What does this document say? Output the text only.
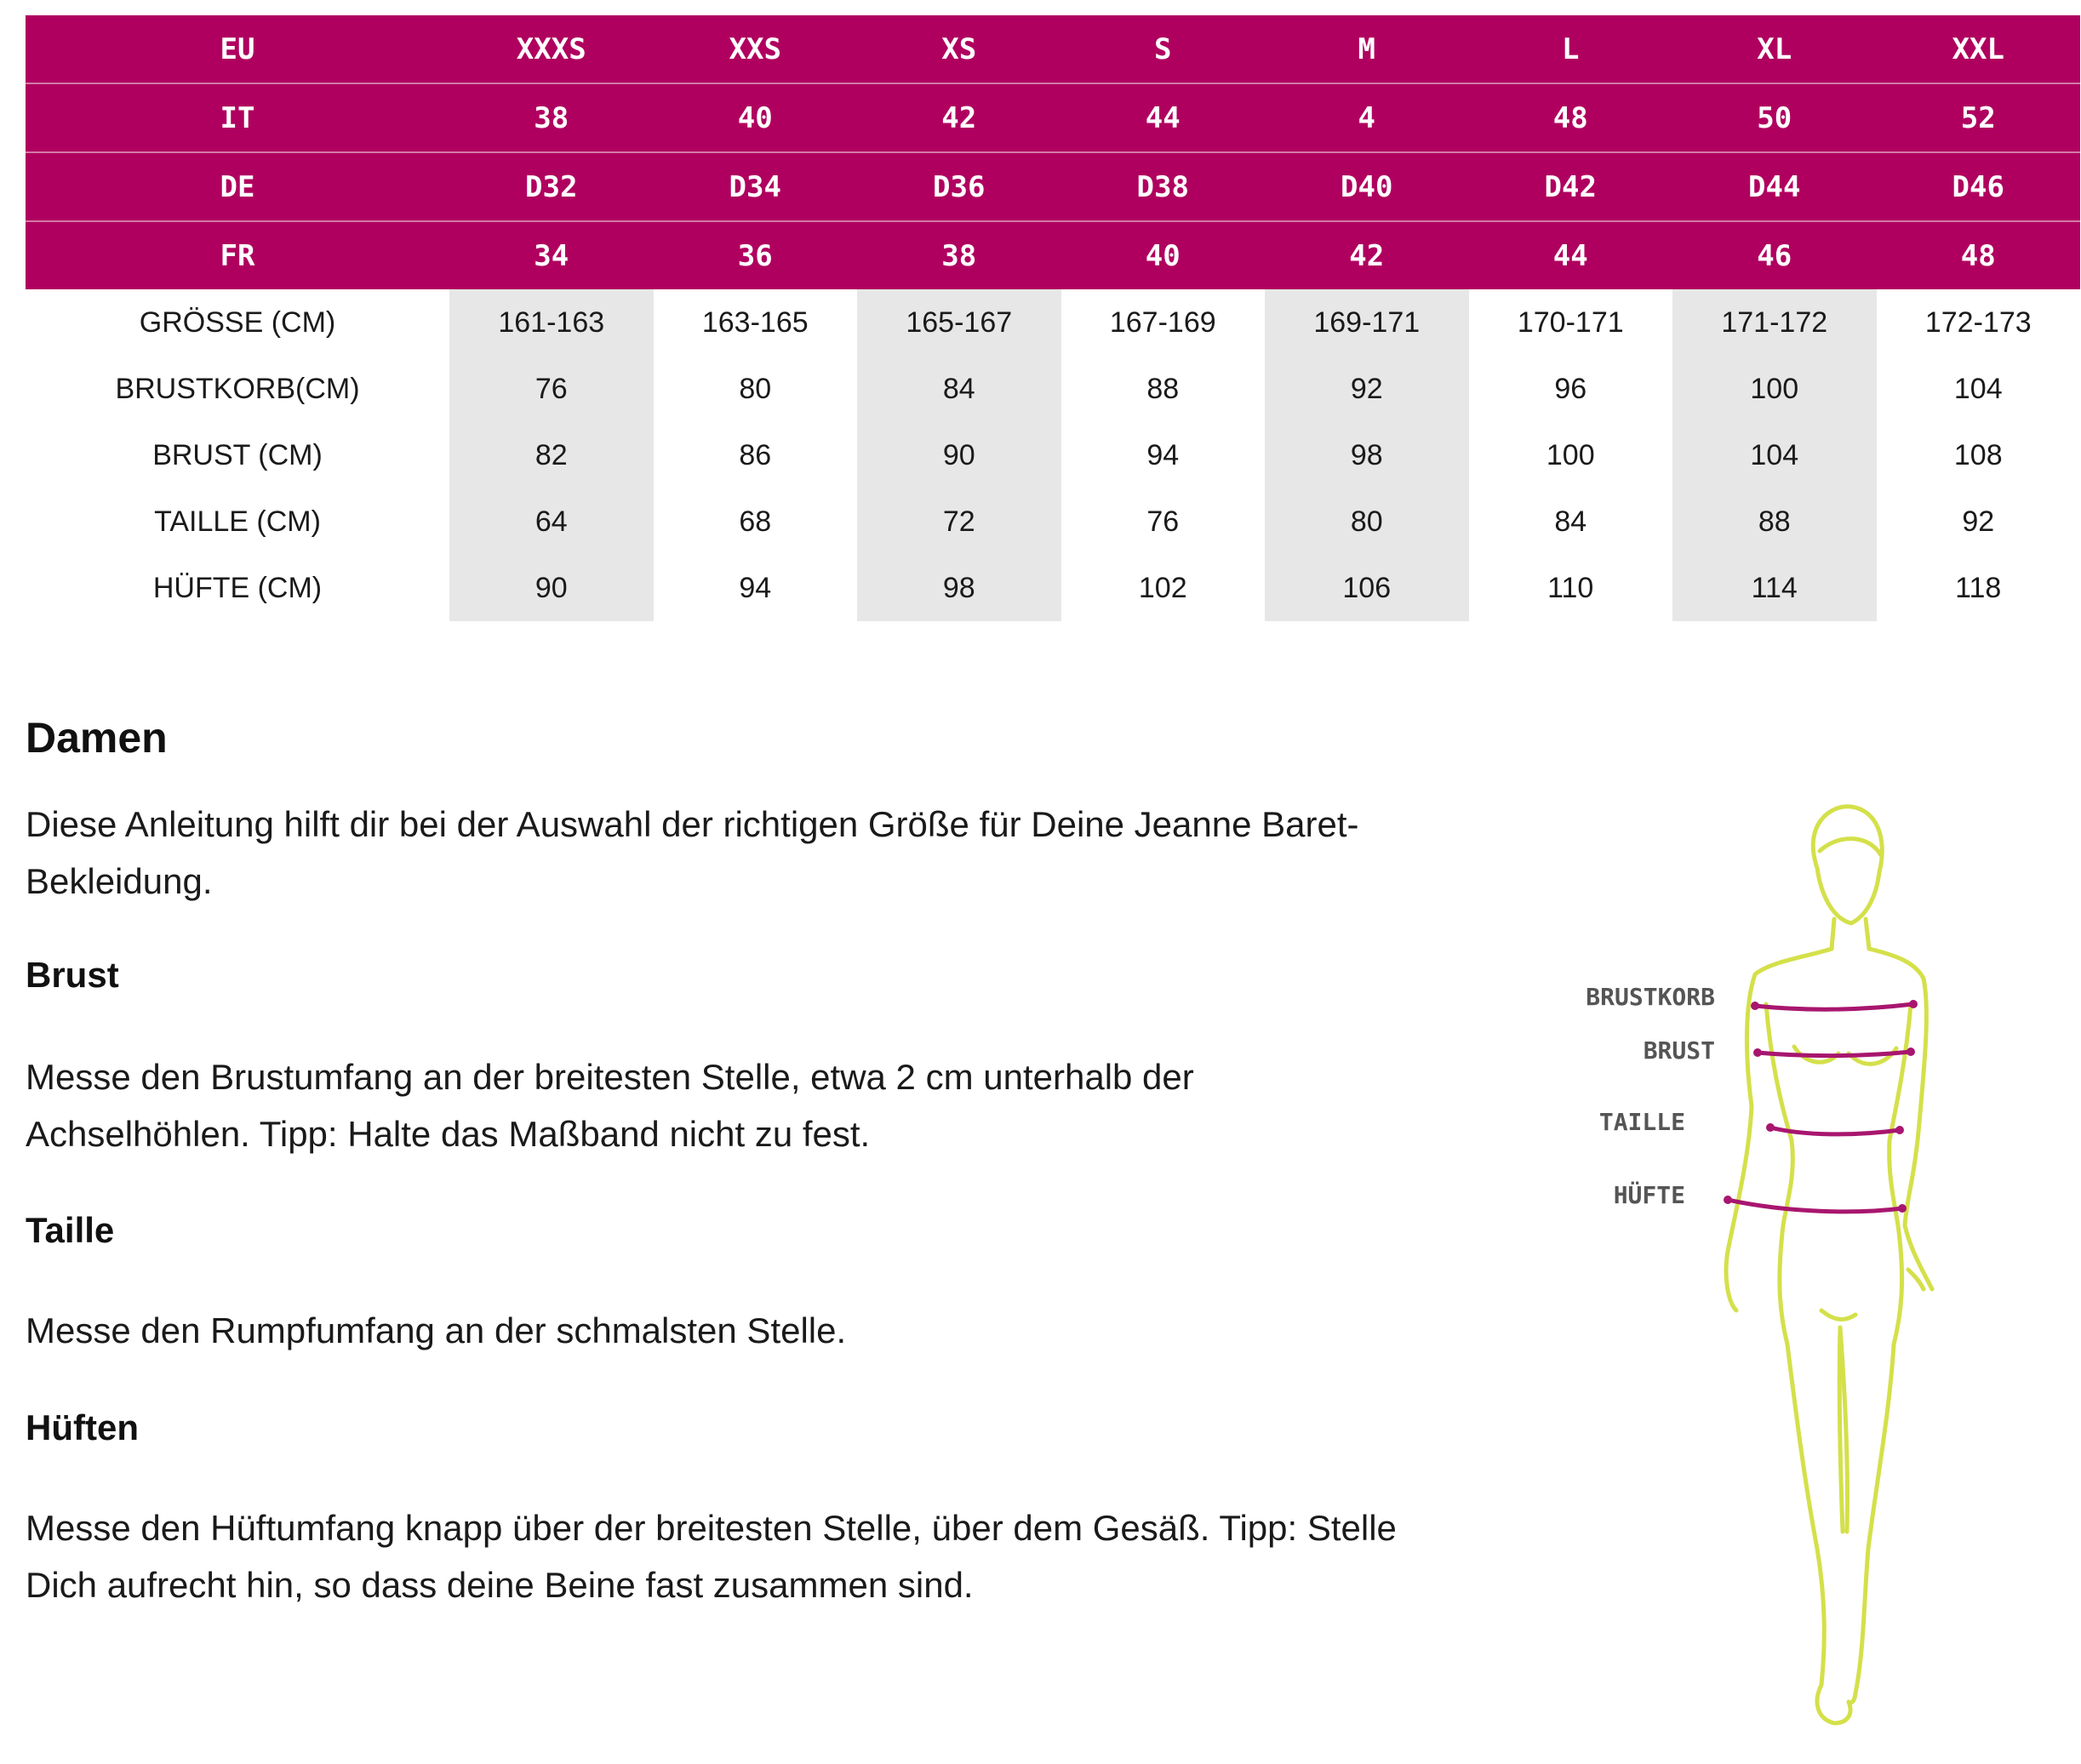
EU	XXXS	XXS	XS	S	M	L	XL	XXL
IT	38	40	42	44	4	48	50	52
DE	D32	D34	D36	D38	D40	D42	D44	D46
FR	34	36	38	40	42	44	46	48
GRÖSSE (CM)	161-163	163-165	165-167	167-169	169-171	170-171	171-172	172-173
BRUSTKORB(CM)	76	80	84	88	92	96	100	104
BRUST (CM)	82	86	90	94	98	100	104	108
TAILLE (CM)	64	68	72	76	80	84	88	92
HÜFTE (CM)	90	94	98	102	106	110	114	118
Damen

Diese Anleitung hilft dir bei der Auswahl der richtigen Größe für Deine Jeanne Baret-Bekleidung.

Brust

Messe den Brustumfang an der breitesten Stelle, etwa 2 cm unterhalb der Achselhöhlen. Tipp: Halte das Maßband nicht zu fest.

Taille

Messe den Rumpfumfang an der schmalsten Stelle.

Hüften

Messe den Hüftumfang knapp über der breitesten Stelle, über dem Gesäß. Tipp: Stelle Dich aufrecht hin, so dass deine Beine fast zusammen sind.

BRUSTKORB
BRUST
TAILLE
HÜFTE
